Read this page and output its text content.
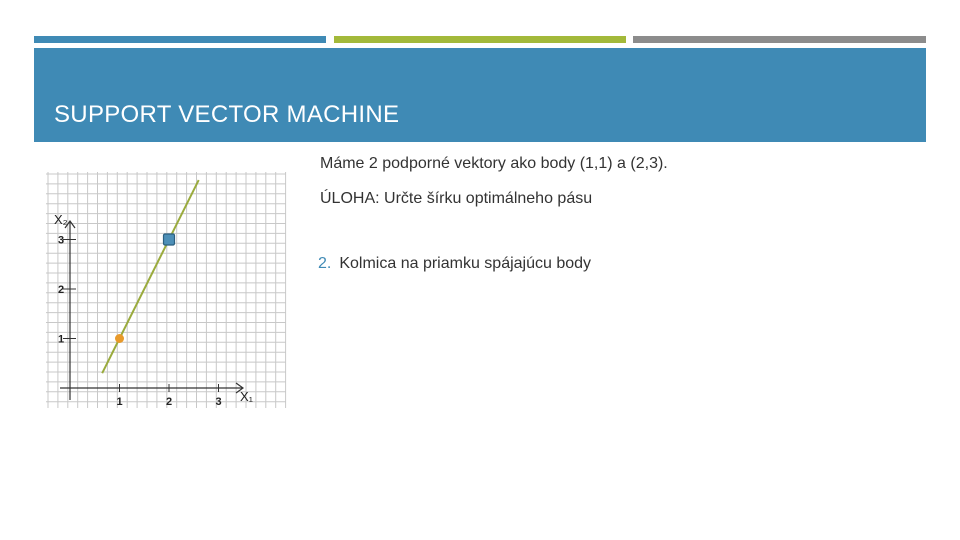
SUPPORT VECTOR MACHINE
Máme 2 podporné vektory ako body (1,1) a (2,3).
ÚLOHA: Určte šírku optimálneho pásu
2. Kolmica na priamku spájajúcu body
X₁
X₂
1	2	3
1
2
3
